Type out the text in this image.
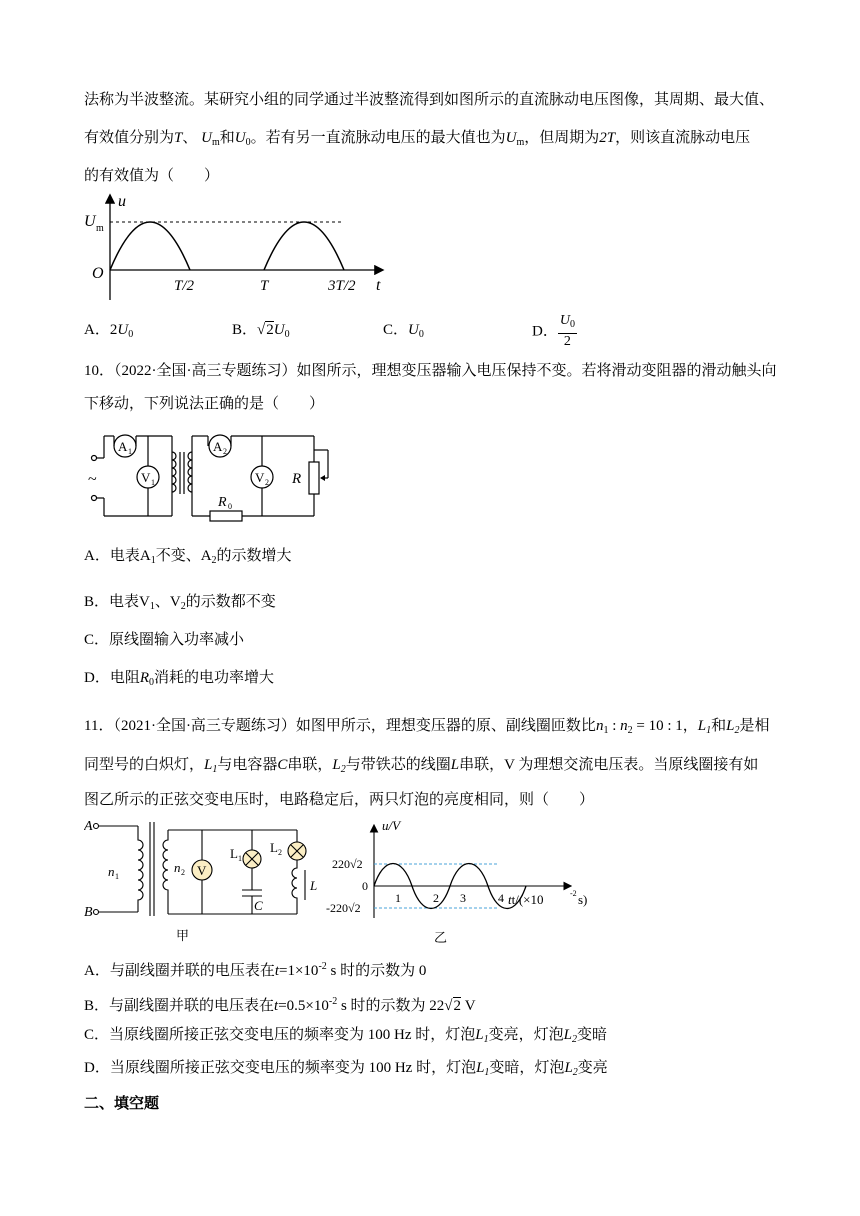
法称为半波整流。某研究小组的同学通过半波整流得到如图所示的直流脉动电压图像，其周期、最大值、
有效值分别为T、 $U_m$和$U_0$。若有另一直流脉动电压的最大值也为$U_m$，但周期为2T，则该直流脉动电压
的有效值为（　　）
u
t
O
U m
T/2	T	3T/2
A．$2U_0$	B．$√2U_0$	C．$U_0$	D． $\frac{U_0}{2}$
10．（2022·全国·高三专题练习）如图所示，理想变压器输入电压保持不变。若将滑动变阻器的滑动触头向
下移动，下列说法正确的是（　　）
~
A 1
V 1
A 2
V 2
R 0
R
A．电表$A_1$不变、$A_2$的示数增大
B．电表$V_1$、$V_2$的示数都不变
C．原线圈输入功率减小
D．电阻$R_0$消耗的电功率增大
11．（2021·全国·高三专题练习）如图甲所示，理想变压器的原、副线圈匝数比$n_1$ : $n_2 = 10$ : 1，$L_1$和$L_2$是相
同型号的白炽灯，$L_1$与电容器C串联，$L_2$与带铁芯的线圈L串联，V 为理想交流电压表。当原线圈接有如
图乙所示的正弦交变电压时，电路稳定后，两只灯泡的亮度相同，则（　　）
A
B
n 1
n 2 V
L 1
L 2
C
L
甲
u/V
220√2
0
-220√2
1	2 3	4 tt/(×10	-2 s)
乙
A．与副线圈并联的电压表在$t=1\times 10^{-2}$ s 时的示数为 0
B．与副线圈并联的电压表在$t=0.5\times 10^{-2}$ s 时的示数为 22√2 V
C．当原线圈所接正弦交变电压的频率变为 100 Hz 时，灯泡$L_1$变亮，灯泡$L_2$变暗
D．当原线圈所接正弦交变电压的频率变为 100 Hz 时，灯泡$L_1$变暗，灯泡$L_2$变亮
二、填空题
